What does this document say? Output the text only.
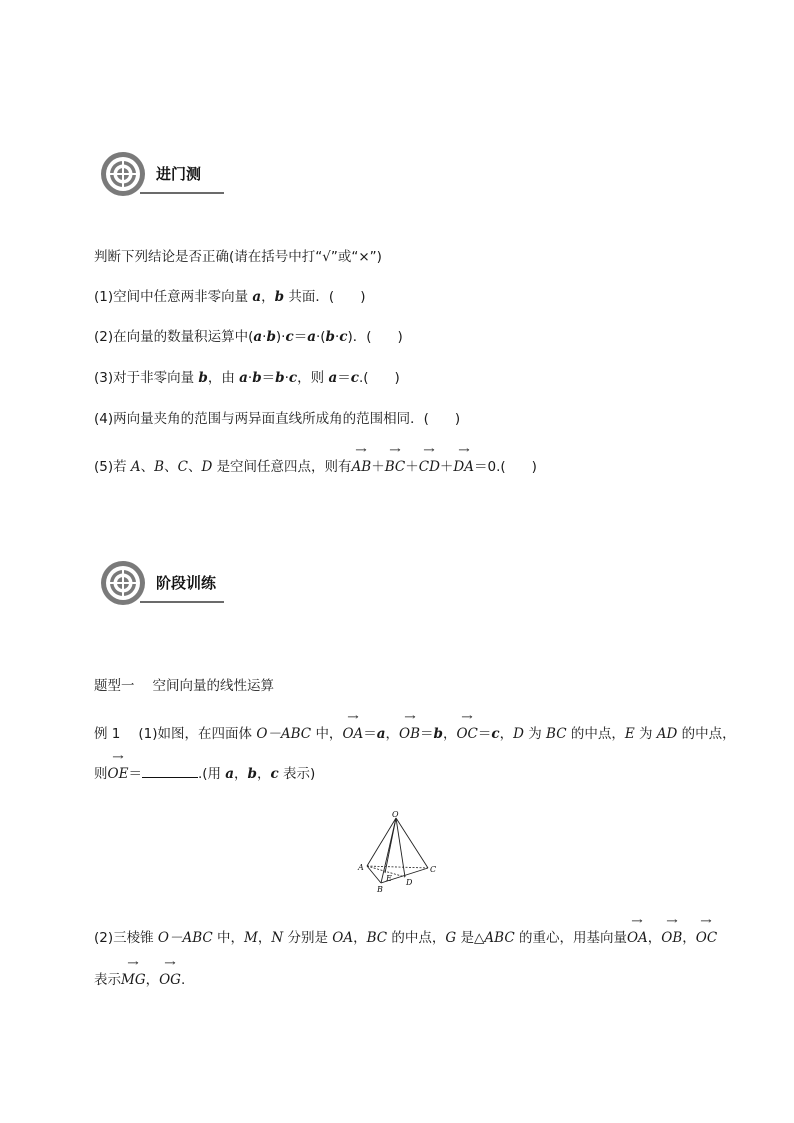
进门测
判断下列结论是否正确(请在括号中打“√”或“×”)
(1)空间中任意两非零向量 a，b 共面．( )
(2)在向量的数量积运算中(a·b)·c＝a·(b·c)．( )
(3)对于非零向量 b，由 a·b＝b·c，则 a＝c.( )
(4)两向量夹角的范围与两异面直线所成角的范围相同．( )
(5)若 A、B、C、D 是空间任意四点，则有→ AB＋→ BC＋→ CD＋→ DA＝0.( )
阶段训练
题型一 空间向量的线性运算
例 1 (1)如图，在四面体 O－ABC 中，→ OA＝a，→ OB＝b，→ OC＝c，D 为 BC 的中点，E 为 AD 的中点，
则→ OE＝	.(用 a，b，c 表示)
O
A
B
C
D
E
(2)三棱锥 O－ABC 中，M，N 分别是 OA，BC 的中点，G 是△ABC 的重心，用基向量→ OA，→ OB，→ OC
表示→ MG，→ OG.
